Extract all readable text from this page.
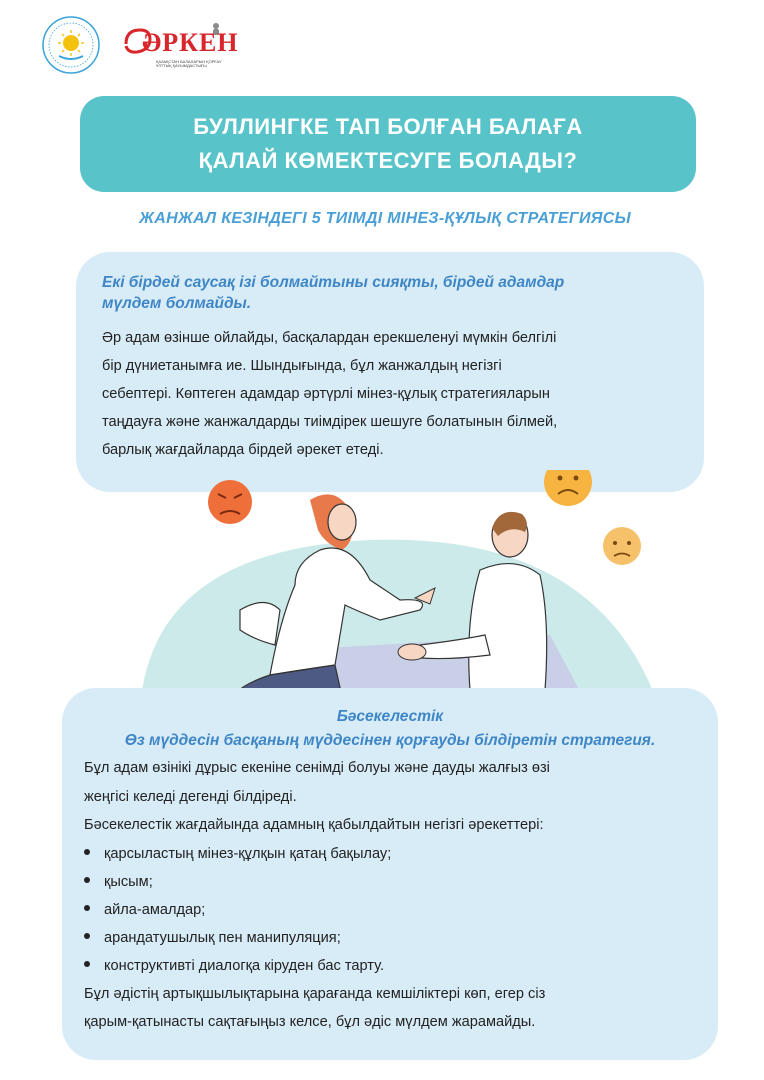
ӘРКЕН
ҚАЗАҚСТАН БАЛАЛАРЫН ҚОРҒАУ ҰЛТТЫҚ ҚАУЫМДАСТЫҒЫ
БУЛЛИНГКЕ ТАП БОЛҒАН БАЛАҒА
ҚАЛАЙ КӨМЕКТЕСУГЕ БОЛАДЫ?
ЖАНЖАЛ КЕЗІНДЕГІ 5 ТИІМДІ МІНЕЗ-ҚҰЛЫҚ СТРАТЕГИЯСЫ
Екі бірдей саусақ ізі болмайтыны сияқты, бірдей адамдар
мүлдем болмайды.
Әр адам өзінше ойлайды, басқалардан ерекшеленуі мүмкін белгілі
бір дүниетанымға ие. Шындығында, бұл жанжалдың негізгі
себептері. Көптеген адамдар әртүрлі мінез-құлық стратегияларын
таңдауға және жанжалдарды тиімдірек шешуге болатынын білмей,
барлық жағдайларда бірдей әрекет етеді.
Бәсекелестік
Өз мүддесін басқаның мүддесінен қорғауды білдіретін стратегия.
Бұл адам өзінікі дұрыс екеніне сенімді болуы және дауды жалғыз өзі
жеңгісі келеді дегенді білдіреді.
Бәсекелестік жағдайында адамның қабылдайтын негізгі әрекеттері:
қарсыластың мінез-құлқын қатаң бақылау;
қысым;
айла-амалдар;
арандатушылық пен манипуляция;
конструктивті диалогқа кіруден бас тарту.
Бұл әдістің артықшылықтарына қарағанда кемшіліктері көп, егер сіз
қарым-қатынасты сақтағыңыз келсе, бұл әдіс мүлдем жарамайды.
